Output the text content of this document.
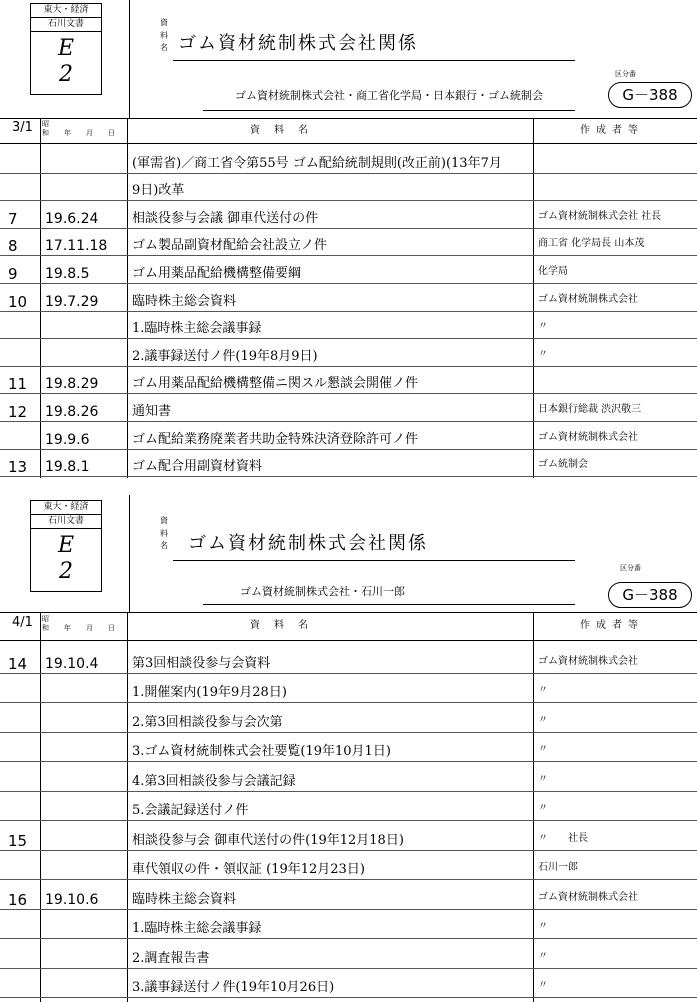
東大・経済
石川文書
E
2
資
料
名 ゴム資材統制株式会社関係
ゴム資材統制株式会社・商工省化学局・日本銀行・ゴム統制会
区分番
G－388
3/1 昭
和　年　月　日	資料名	作成者等
(軍需省)／商工省令第55号 ゴム配給統制規則(改正前)(13年7月
9日)改革
7 19.6.24	相談役参与会議 御車代送付の件	ゴム資材統制株式会社 社長
8 17.11.18 ゴム製品副資材配給会社設立ノ件	商工省 化学局長 山本茂
9 19.8.5	ゴム用薬品配給機構整備要綱	化学局
10 19.7.29	臨時株主総会資料	ゴム資材統制株式会社
1.臨時株主総会議事録	〃
2.議事録送付ノ件(19年8月9日)	〃
11 19.8.29	ゴム用薬品配給機構整備ニ関スル懇談会開催ノ件
12 19.8.26	通知書	日本銀行総裁 渋沢敬三
19.9.6	ゴム配給業務廃業者共助金特殊決済登除許可ノ件	ゴム資材統制株式会社
13 19.8.1	ゴム配合用副資材資料	ゴム統制会
東大・経済
石川文書
E
2
資
料
名 ゴム資材統制株式会社関係
ゴム資材統制株式会社・石川一郎
区分番
G－388
4/1 昭
和　年　月　日	資料名	作成者等
14 19.10.4	第3回相談役参与会資料	ゴム資材統制株式会社
1.開催案内(19年9月28日)	〃
2.第3回相談役参与会次第	〃
3.ゴム資材統制株式会社要覧(19年10月1日)	〃
4.第3回相談役参与会議記録	〃
5.会議記録送付ノ件	〃
15	相談役参与会 御車代送付の件(19年12月18日)	〃　　社長
車代領収の件・領収証 (19年12月23日)	石川一郎
16 19.10.6	臨時株主総会資料	ゴム資材統制株式会社
1.臨時株主総会議事録	〃
2.調査報告書	〃
3.議事録送付ノ件(19年10月26日)	〃
